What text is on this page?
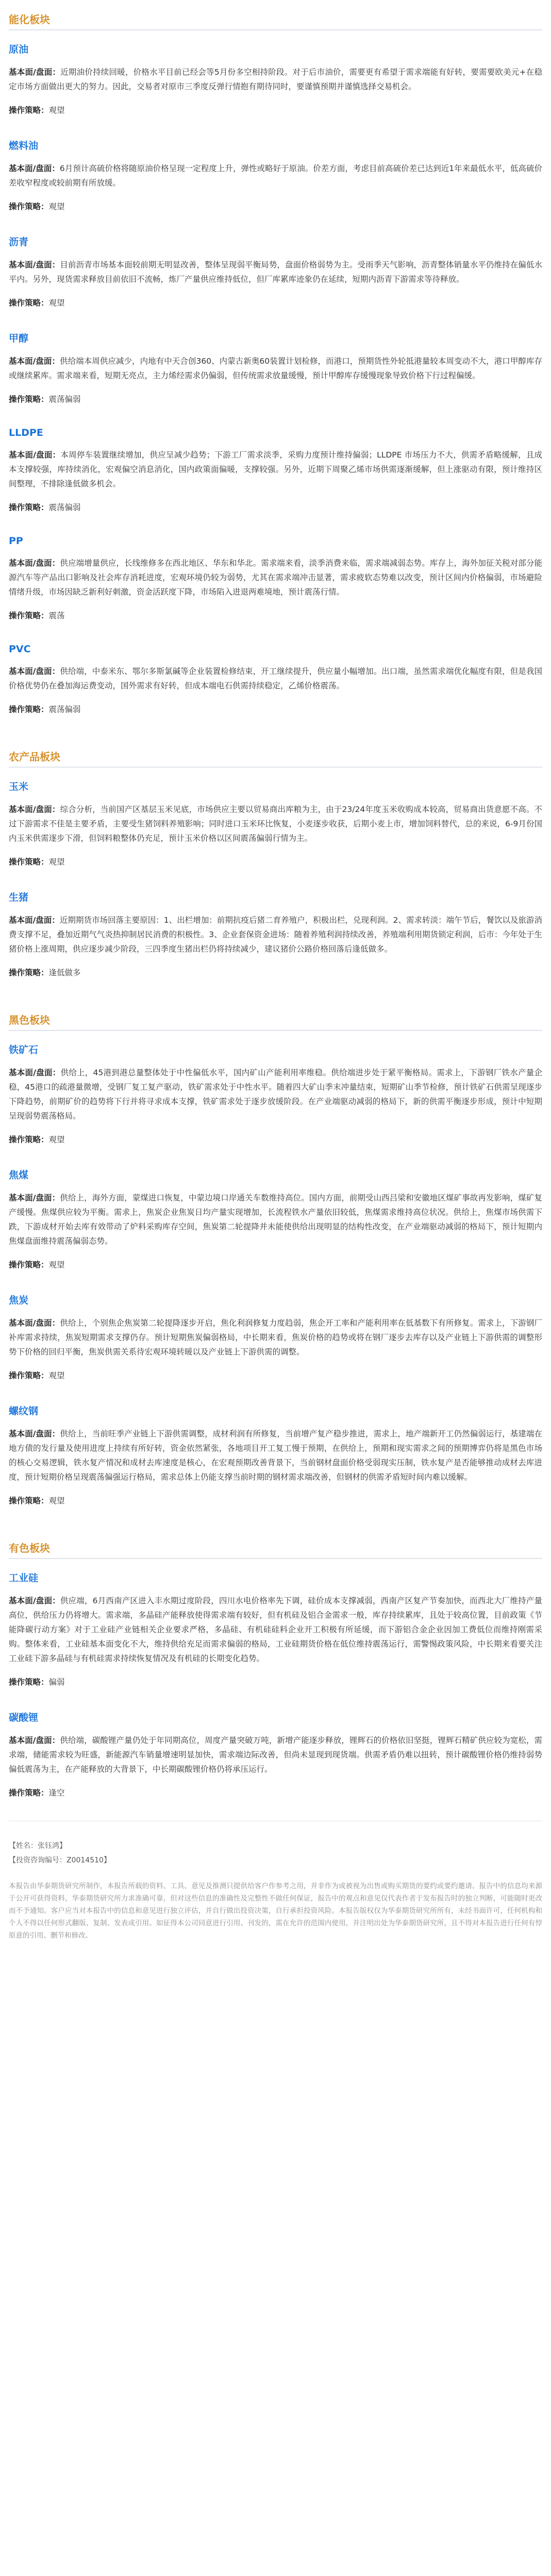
能化板块
原油

基本面/盘面：近期油价持续回暖，价格水平目前已经会等5月份多空相持阶段。对于后市油价，需要更有希望于需求端能有好转，要需要欧美元+在稳定市场方面做出更大的努力。因此，交易者对原市三季度反弹行情抱有期待同时，要谨慎预期并谨慎选择交易机会。

操作策略：观望

燃料油

基本面/盘面：6月预计高硫价格将随原油价格呈现一定程度上升，弹性或略好于原油。价差方面，考虑目前高硫价差已达到近1年来最低水平，低高硫价差收窄程度或较前期有所放缓。

操作策略：观望

沥青

基本面/盘面：目前沥青市场基本面较前期无明显改善，整体呈现弱平衡局势，盘面价格弱势为主。受雨季天气影响，沥青整体销量水平仍维持在偏低水平内。另外，现货需求释放目前依旧不流畅，炼厂产量供应维持低位，但厂库累库迹象仍在延续，短期内沥青下游需求等待释放。

操作策略：观望

甲醇

基本面/盘面：供给端本周供应减少，内地有中天合创360、内蒙古新奥60装置计划检修，而港口，预期货性外轮抵港量较本周变动不大，港口甲醇库存或继续累库。需求端来看，短期无亮点，主力烯经需求仍偏弱，但传统需求放量缓慢，预计甲醇库存缓慢现象导致价格下行过程偏缓。

操作策略：震荡偏弱

LLDPE

基本面/盘面：本周停车装置继续增加，供应呈减少趋势；下游工厂需求淡季，采购力度预计维持偏弱；LLDPE 市场压力不大，供需矛盾略缓解，且成本支撑较强，库持续消化，宏观偏空消息消化，国内政策面偏暖，支撑较强。另外，近期下周聚乙烯市场供需逐渐缓解，但上涨驱动有限，预计维持区间整理，不排除逢低做多机会。

操作策略：震荡偏弱

PP

基本面/盘面：供应端增量供应，长线维修多在西北地区、华东和华北。需求端来看，淡季消费来临，需求端减弱态势。库存上，海外加征关税对部分能源汽车等产品出口影响及社会库存消耗进度，宏观环境仍较为弱势，尤其在需求端冲击显著，需求疲软态势难以改变，预计区间内价格偏弱，市场避险情绪升级，市场因缺乏新利好刺激，资金活跃度下降，市场陷入进退两难境地，预计震荡行情。

操作策略：震荡

PVC

基本面/盘面：供给端，中泰米东、鄂尔多斯氯碱等企业装置检修结束，开工继续提升，供应量小幅增加。出口端，虽然需求端优化幅度有限，但是我国价格优势仍在叠加海运费变动，国外需求有好转，但成本端电石供需持续稳定，乙烯价格震荡。

操作策略：震荡偏弱

农产品板块
玉米

基本面/盘面：综合分析，当前国产区基层玉米见底，市场供应主要以贸易商出库粮为主，由于23/24年度玉米收购成本较高，贸易商出货意愿不高。不过下游需求不佳是主要矛盾，主要受生猪饲料养殖影响；同时进口玉米环比恢复，小麦逐步收获，后期小麦上市，增加饲料替代，总的来说，6-9月份国内玉米供需逐步下滑，但饲料粮整体仍充足，预计玉米价格以区间震荡偏弱行情为主。

操作策略：观望

生猪

基本面/盘面：近期期货市场回落主要原因：1、出栏增加：前期抗疫后猪二育养殖户，积极出栏，兑现利润。2、需求转淡：端午节后，餐饮以及旅游消费支撑不足，叠加近期气气炎热抑制居民消费的积极性。3、企业套保资金进场：随着养殖利润持续改善，养殖端利用期货锁定利润，后市：今年处于生猪价格上涨周期，供应逐步减少阶段，三四季度生猪出栏仍将持续减少，建议猪价公路价格回落后逢低做多。

操作策略：逢低做多

黑色板块
铁矿石

基本面/盘面：供给上，45港到港总量整体处于中性偏低水平，国内矿山产能利用率维稳。供给端进步处于紧平衡格局。需求上，下游钢厂铁水产量企稳，45港口的疏港量微增，受钢厂复工复产驱动，铁矿需求处于中性水平。随着四大矿山季末冲量结束，短期矿山季节检修，预计铁矿石供需呈现逐步下降趋势，前期矿价的趋势将下行并将寻求成本支撑，铁矿需求处于逐步放缓阶段。在产业端驱动减弱的格局下，新的供需平衡逐步形成，预计中短期呈现弱势震荡格局。

操作策略：观望

焦煤

基本面/盘面：供给上，海外方面，蒙煤进口恢复，中蒙边境口岸通关车数维持高位。国内方面，前期受山西吕梁和安徽地区煤矿事故再发影响，煤矿复产缓慢。焦煤供应较为平衡。需求上，焦炭企业焦炭日均产量实现增加，长流程铁水产量依旧较低，焦煤需求维持高位状况。供给上，焦煤市场供需下跌，下游成材开始去库有效带动了炉料采购库存空间，焦炭第二轮提降并未能使供给出现明显的结构性改变，在产业端驱动减弱的格局下，预计短期内焦煤盘面维持震荡偏弱态势。

操作策略：观望

焦炭

基本面/盘面：供给上，个别焦企焦炭第二轮提降逐步开启，焦化利润修复力度趋弱，焦企开工率和产能利用率在低基数下有所修复。需求上，下游钢厂补库需求持续，焦炭短期需求支撑仍存。预计短期焦炭偏弱格局，中长期来看，焦炭价格的趋势或将在钢厂逐步去库存以及产业链上下游供需的调整形势下价格的回归平衡，焦炭供需关系待宏观环境转暖以及产业链上下游供需的调整。

操作策略：观望

螺纹钢

基本面/盘面：供给上，当前旺季产业链上下游供需调整，成材利润有所修复，当前增产复产稳步推进，需求上，地产端新开工仍然偏弱运行，基建端在地方债的发行量及使用进度上持续有所好转，资金依然紧张，各地项目开工复工慢于预期，在供给上，预期和现实需求之间的预期博弈仍将是黑色市场的核心交易逻辑，铁水复产情况和成材去库速度是核心，在宏观预期改善背景下，当前钢材盘面价格受弱现实压制，铁水复产是否能够推动成材去库进度，预计短期价格呈现震荡偏强运行格局，需求总体上仍能支撑当前时期的钢材需求端改善，但钢材的供需矛盾短时间内难以缓解。

操作策略：观望

有色板块
工业硅

基本面/盘面：供应端，6月西南产区进入丰水期过度阶段，四川水电价格率先下调，硅价成本支撑减弱，西南产区复产节奏加快，而西北大厂维持产量高位，供给压力仍将增大。需求端，多晶硅产能释放使得需求端有较好，但有机硅及铝合金需求一般，库存持续累库，且处于较高位置，目前政策《节能降碳行动方案》对于工业硅产业链相关企业要求严格，多晶硅、有机硅硅料企业开工积极有所延缓，而下游铝合金企业因加工费低位而维持刚需采购。整体来看，工业硅基本面变化不大，维持供给充足而需求偏弱的格局，工业硅期货价格在低位维持震荡运行，需警惕政策风险，中长期来看要关注工业硅下游多晶硅与有机硅需求持续恢复情况及有机硅的长期变化趋势。

操作策略：偏弱

碳酸锂

基本面/盘面：供给端，碳酸锂产量仍处于年同期高位，周度产量突破万吨，新增产能逐步释放，锂辉石的价格依旧坚挺，锂辉石精矿供应较为宽松，需求端，储能需求较为旺盛，新能源汽车销量增速明显加快，需求端边际改善，但尚未显现到现货端。供需矛盾仍难以扭转，预计碳酸锂价格仍维持弱势偏低震荡为主，在产能释放的大背景下，中长期碳酸锂价格仍将承压运行。

操作策略：逢空

【姓名：张钰鸿】

【投资咨询编号：Z0014510】

本报告由华泰期货研究所制作，本报告所载的资料、工具、意见及推测只提供给客户作参考之用，并非作为或被视为出售或购买期货的要约或要约邀请。报告中的信息均来源于公开可获得资料，华泰期货研究所力求准确可靠，但对这些信息的准确性及完整性不做任何保证，报告中的观点和意见仅代表作者于发布报告时的独立判断，可能随时更改而不予通知。客户应当对本报告中的信息和意见进行独立评估，并自行做出投资决策，自行承担投资风险。本报告版权仅为华泰期货研究所所有，未经书面许可，任何机构和个人不得以任何形式翻版、复制、发表或引用。如征得本公司同意进行引用、刊发的，需在允许的范围内使用，并注明出处为华泰期货研究所，且不得对本报告进行任何有悖原意的引用、删节和修改。
